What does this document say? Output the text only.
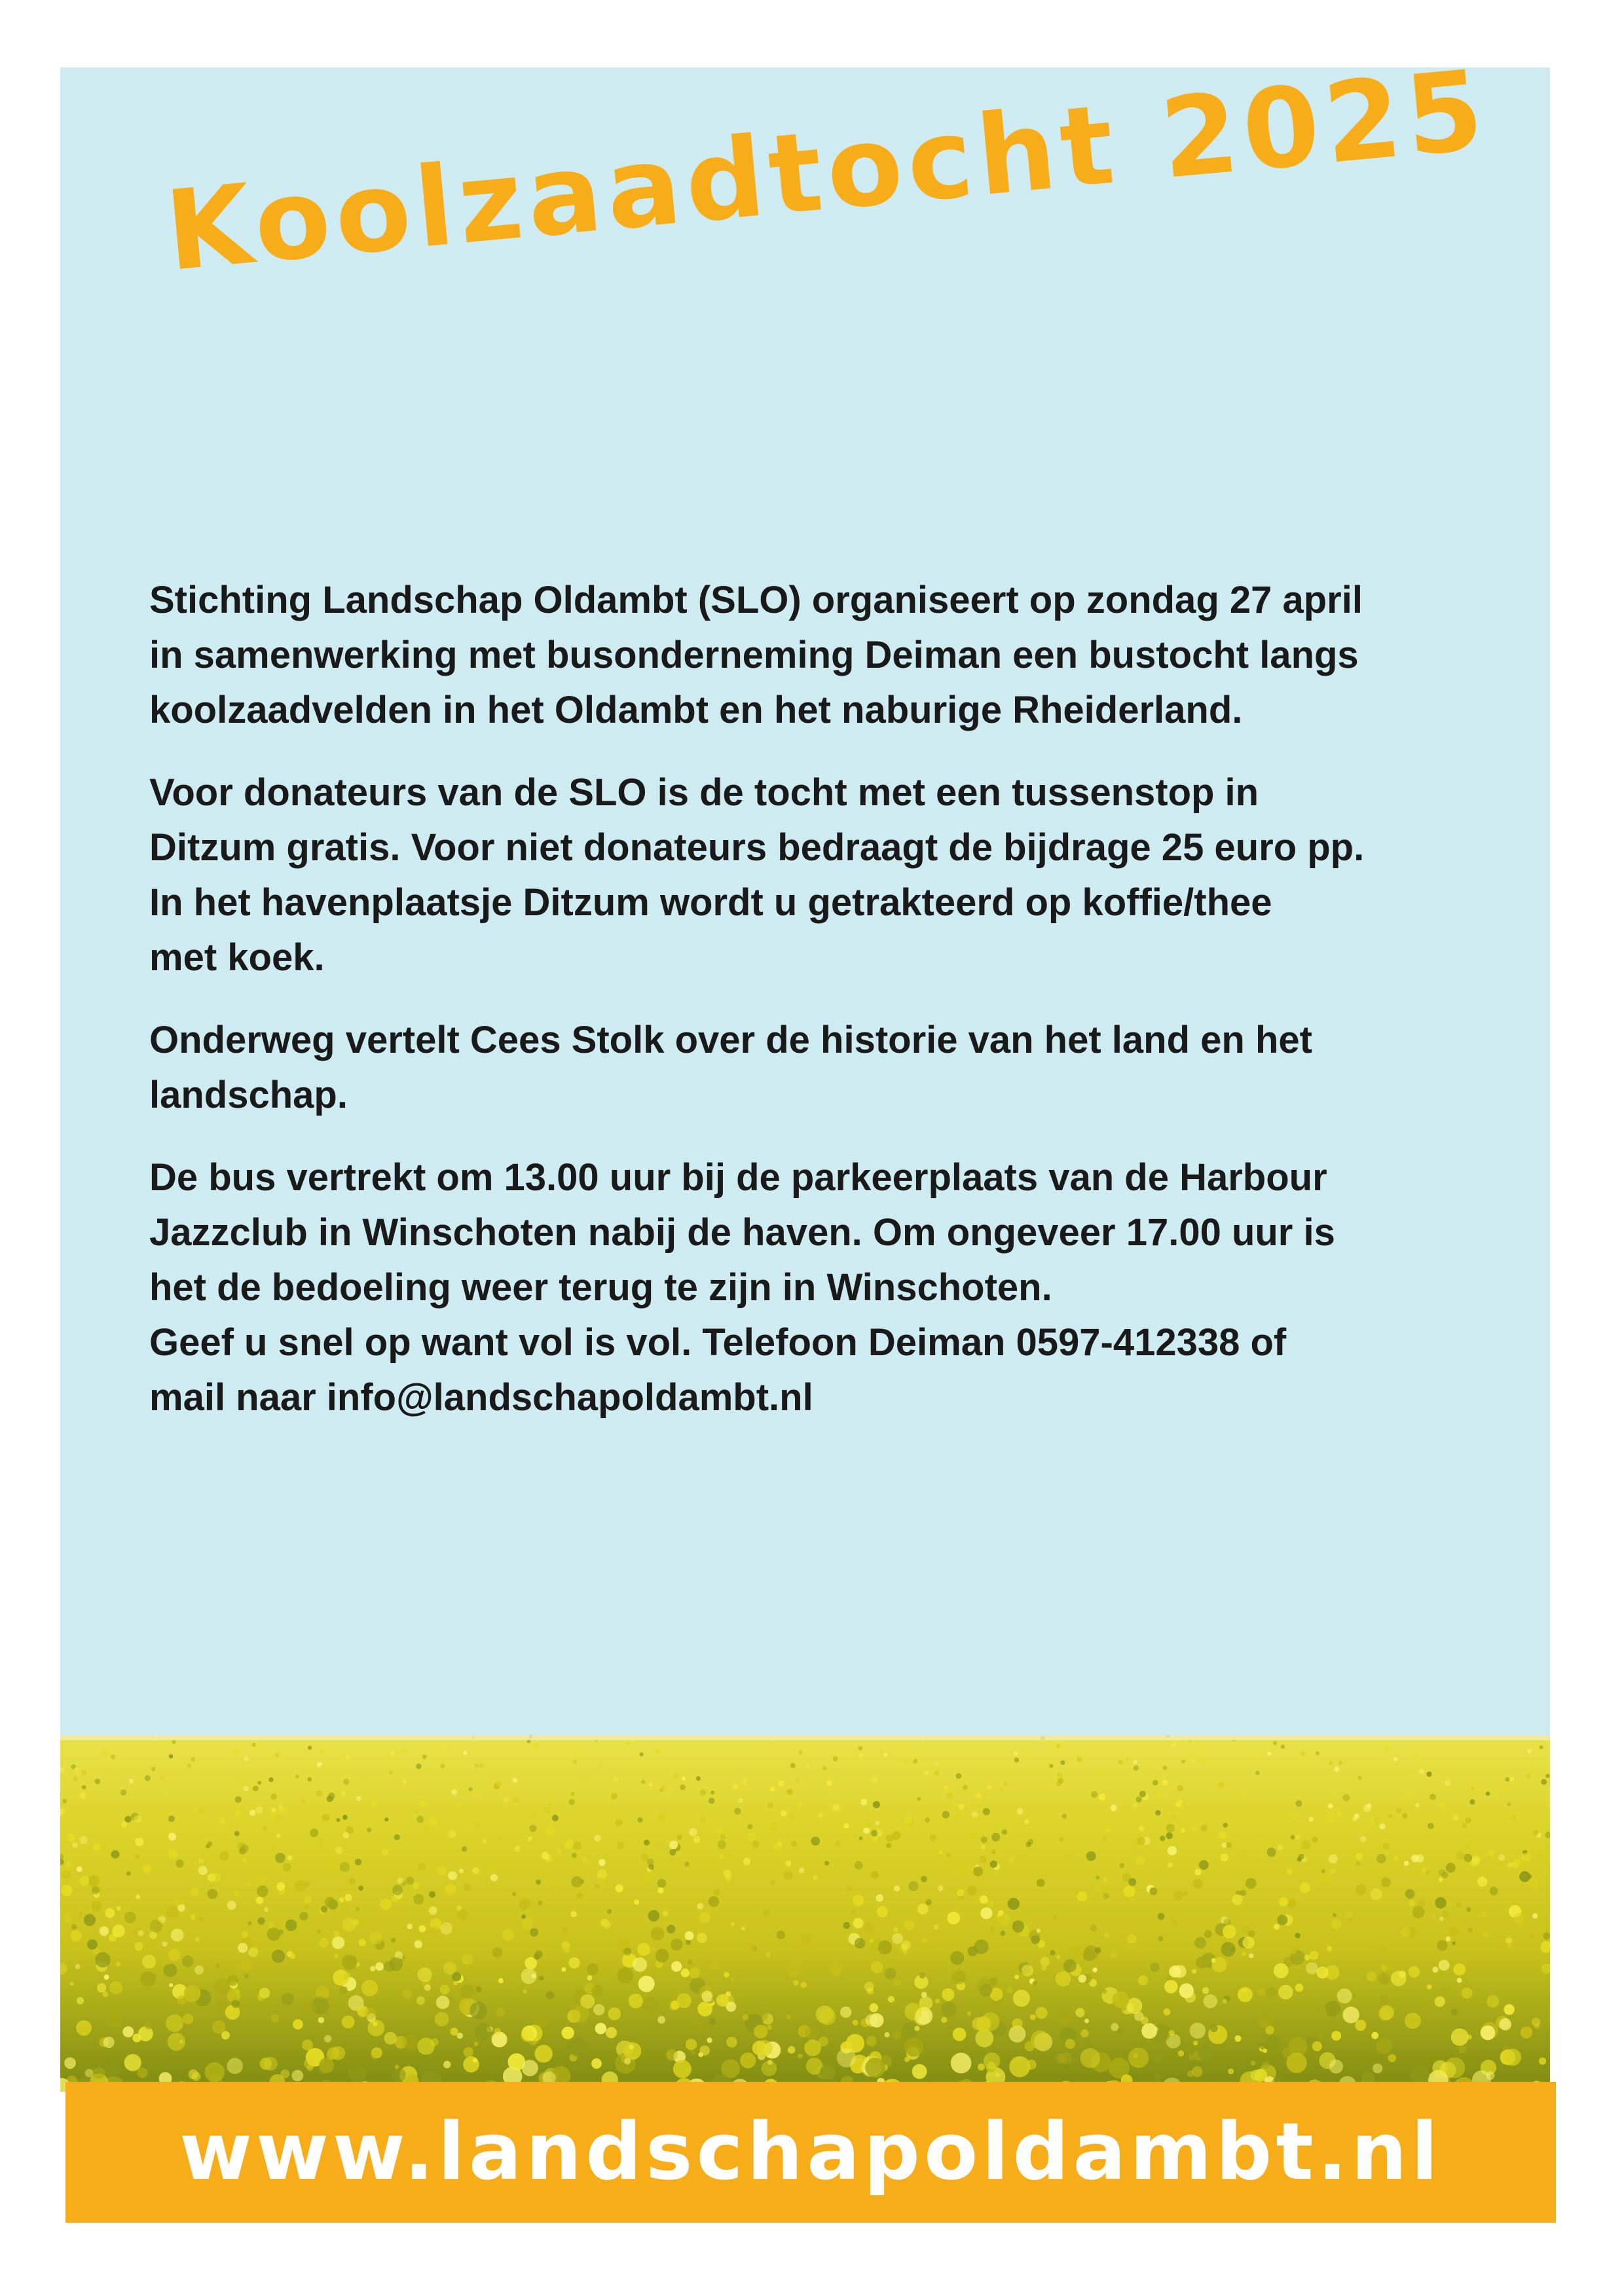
Koolzaadtocht 2025

Stichting Landschap Oldambt (SLO) organiseert op zondag 27 april
in samenwerking met busonderneming Deiman een bustocht langs
koolzaadvelden in het Oldambt en het naburige Rheiderland.

Voor donateurs van de SLO is de tocht met een tussenstop in
Ditzum gratis. Voor niet donateurs bedraagt de bijdrage 25 euro pp.
In het havenplaatsje Ditzum wordt u getrakteerd op koffie/thee
met koek.

Onderweg vertelt Cees Stolk over de historie van het land en het
landschap.

De bus vertrekt om 13.00 uur bij de parkeerplaats van de Harbour
Jazzclub in Winschoten nabij de haven. Om ongeveer 17.00 uur is
het de bedoeling weer terug te zijn in Winschoten.
Geef u snel op want vol is vol. Telefoon Deiman 0597-412338 of
mail naar info@landschapoldambt.nl

www.landschapoldambt.nl
